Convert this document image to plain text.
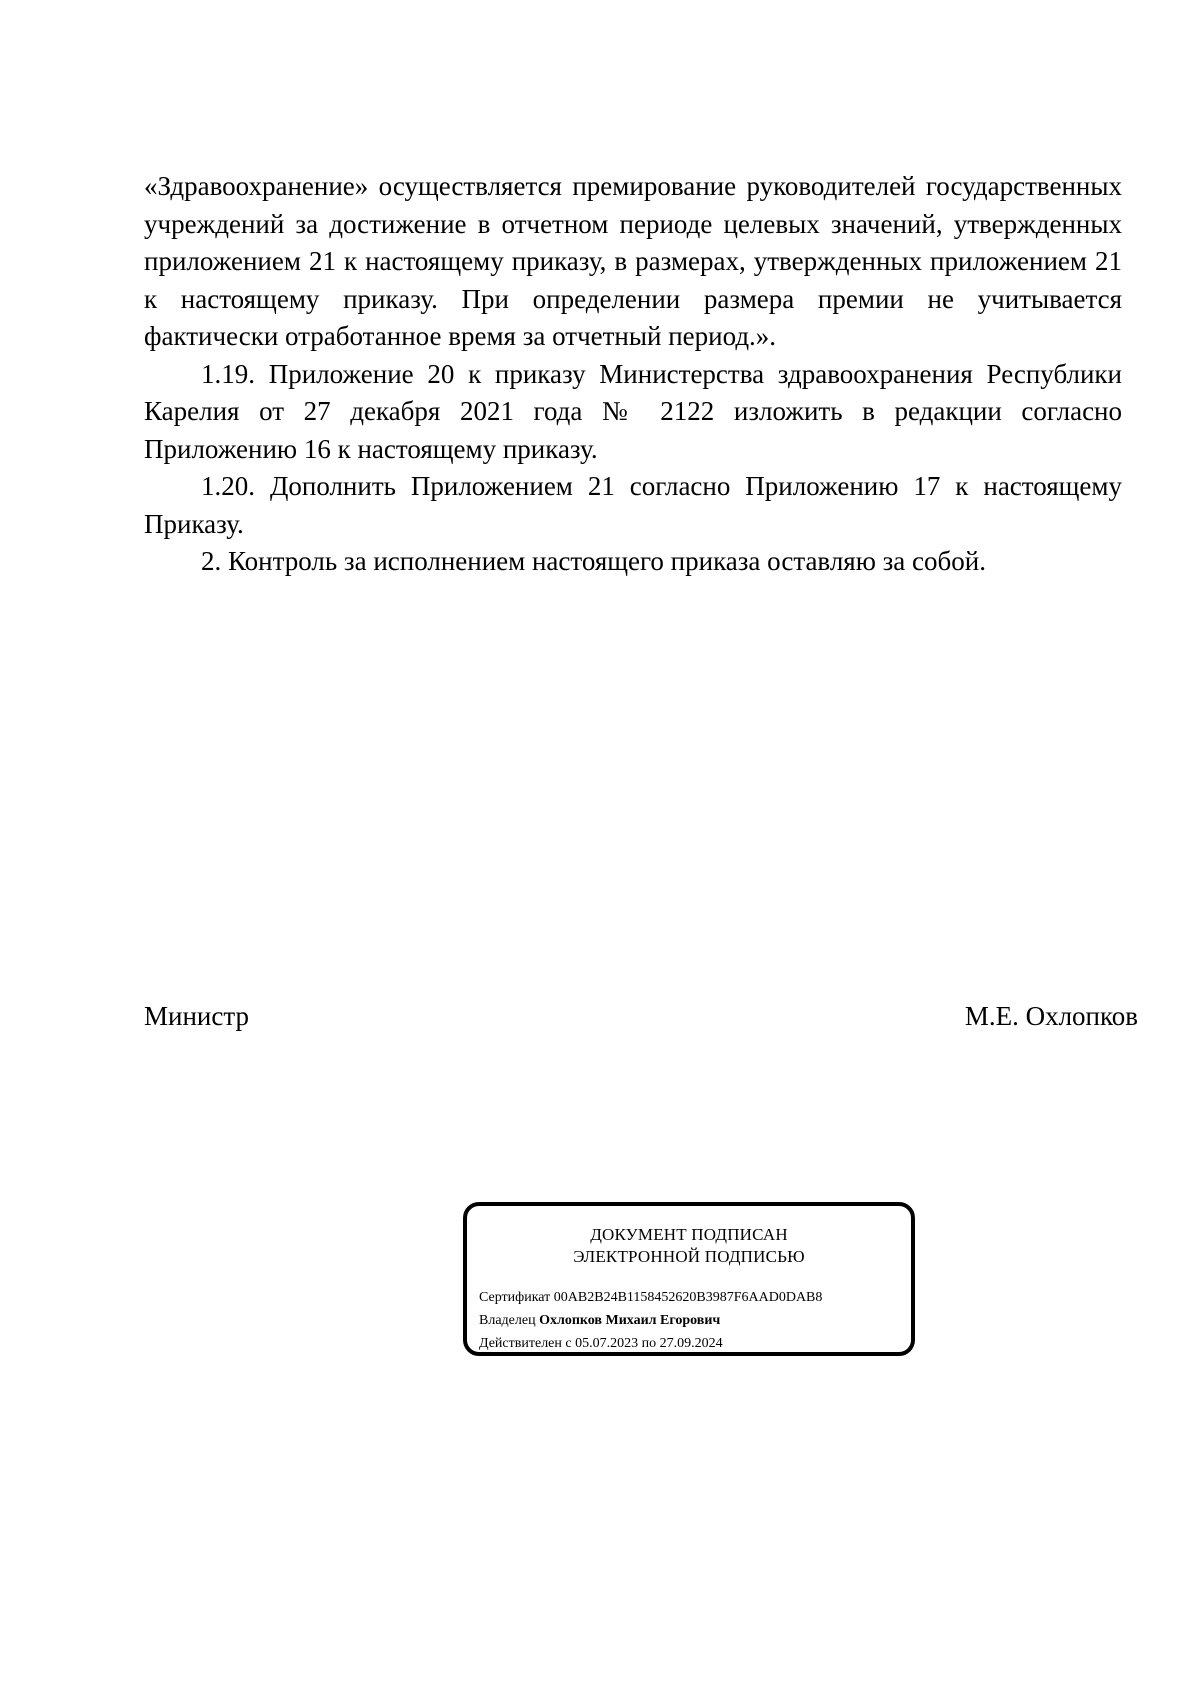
«Здравоохранение» осуществляется премирование руководителей государственных учреждений за достижение в отчетном периоде целевых значений, утвержденных приложением 21 к настоящему приказу, в размерах, утвержденных приложением 21 к настоящему приказу. При определении размера премии не учитывается фактически отработанное время за отчетный период.».

1.19. Приложение 20 к приказу Министерства здравоохранения Республики Карелия от 27 декабря 2021 года № 2122 изложить в редакции согласно Приложению 16 к настоящему приказу.

1.20. Дополнить Приложением 21 согласно Приложению 17 к настоящему Приказу.

2. Контроль за исполнением настоящего приказа оставляю за собой.

Министр	М.Е. Охлопков
ДОКУМЕНТ ПОДПИСАН
ЭЛЕКТРОННОЙ ПОДПИСЬЮ
Сертификат 00AB2B24B1158452620B3987F6AAD0DAB8
Владелец Охлопков Михаил Егорович
Действителен с 05.07.2023 по 27.09.2024
